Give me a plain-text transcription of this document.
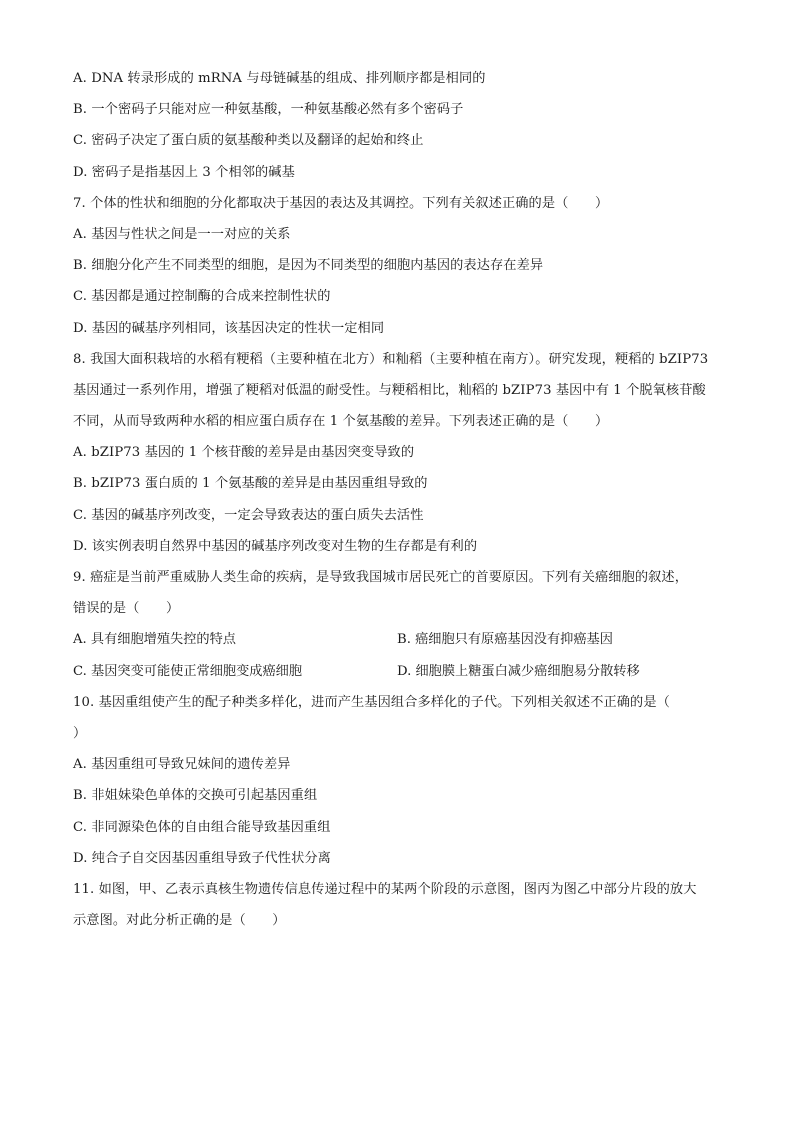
A. DNA 转录形成的 mRNA 与母链碱基的组成、排列顺序都是相同的
B. 一个密码子只能对应一种氨基酸，一种氨基酸必然有多个密码子
C. 密码子决定了蛋白质的氨基酸种类以及翻译的起始和终止
D. 密码子是指基因上 3 个相邻的碱基
7. 个体的性状和细胞的分化都取决于基因的表达及其调控。下列有关叙述正确的是（　　）
A. 基因与性状之间是一一对应的关系
B. 细胞分化产生不同类型的细胞，是因为不同类型的细胞内基因的表达存在差异
C. 基因都是通过控制酶的合成来控制性状的
D. 基因的碱基序列相同，该基因决定的性状一定相同
8. 我国大面积栽培的水稻有粳稻（主要种植在北方）和籼稻（主要种植在南方）。研究发现，粳稻的 bZIP73
基因通过一系列作用，增强了粳稻对低温的耐受性。与粳稻相比，籼稻的 bZIP73 基因中有 1 个脱氧核苷酸
不同，从而导致两种水稻的相应蛋白质存在 1 个氨基酸的差异。下列表述正确的是（　　）
A. bZIP73 基因的 1 个核苷酸的差异是由基因突变导致的
B. bZIP73 蛋白质的 1 个氨基酸的差异是由基因重组导致的
C. 基因的碱基序列改变，一定会导致表达的蛋白质失去活性
D. 该实例表明自然界中基因的碱基序列改变对生物的生存都是有利的
9. 癌症是当前严重威胁人类生命的疾病，是导致我国城市居民死亡的首要原因。下列有关癌细胞的叙述，
错误的是（　　）
A. 具有细胞增殖失控的特点	B. 癌细胞只有原癌基因没有抑癌基因
C. 基因突变可能使正常细胞变成癌细胞	D. 细胞膜上糖蛋白减少癌细胞易分散转移
10. 基因重组使产生的配子种类多样化，进而产生基因组合多样化的子代。下列相关叙述不正确的是（
）
A. 基因重组可导致兄妹间的遗传差异
B. 非姐妹染色单体的交换可引起基因重组
C. 非同源染色体的自由组合能导致基因重组
D. 纯合子自交因基因重组导致子代性状分离
11. 如图，甲、乙表示真核生物遗传信息传递过程中的某两个阶段的示意图，图丙为图乙中部分片段的放大
示意图。对此分析正确的是（　　）
